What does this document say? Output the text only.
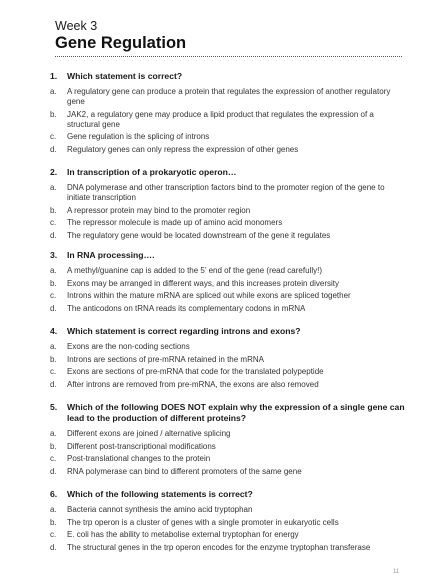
Week 3
Gene Regulation
1.	Which statement is correct?
a.	A regulatory gene can produce a protein that regulates the expression of another regulatory gene
b.	JAK2, a regulatory gene may produce a lipid product that regulates the expression of a structural gene
c.	Gene regulation is the splicing of introns
d.	Regulatory genes can only repress the expression of other genes
2.	In transcription of a prokaryotic operon…
a.	DNA polymerase and other transcription factors bind to the promoter region of the gene to initiate transcription
b.	A repressor protein may bind to the promoter region
c.	The repressor molecule is made up of amino acid monomers
d.	The regulatory gene would be located downstream of the gene it regulates
3.	In RNA processing….
a.	A methyl/guanine cap is added to the 5’ end of the gene (read carefully!)
b.	Exons may be arranged in different ways, and this increases protein diversity
c.	Introns within the mature mRNA are spliced out while exons are spliced together
d.	The anticodons on tRNA reads its complementary codons in mRNA
4.	Which statement is correct regarding introns and exons?
a.	Exons are the non-coding sections
b.	Introns are sections of pre-mRNA retained in the mRNA
c.	Exons are sections of pre-mRNA that code for the translated polypeptide
d.	After introns are removed from pre-mRNA, the exons are also removed
5.	Which of the following DOES NOT explain why the expression of a single gene can lead to the production of different proteins?
a.	Different exons are joined / alternative splicing
b.	Different post-transcriptional modifications
c.	Post-translational changes to the protein
d.	RNA polymerase can bind to different promoters of the same gene
6.	Which of the following statements is correct?
a.	Bacteria cannot synthesis the amino acid tryptophan
b.	The trp operon is a cluster of genes with a single promoter in eukaryotic cells
c.	E. coli has the ability to metabolise external tryptophan for energy
d.	The structural genes in the trp operon encodes for the enzyme tryptophan transferase
11
